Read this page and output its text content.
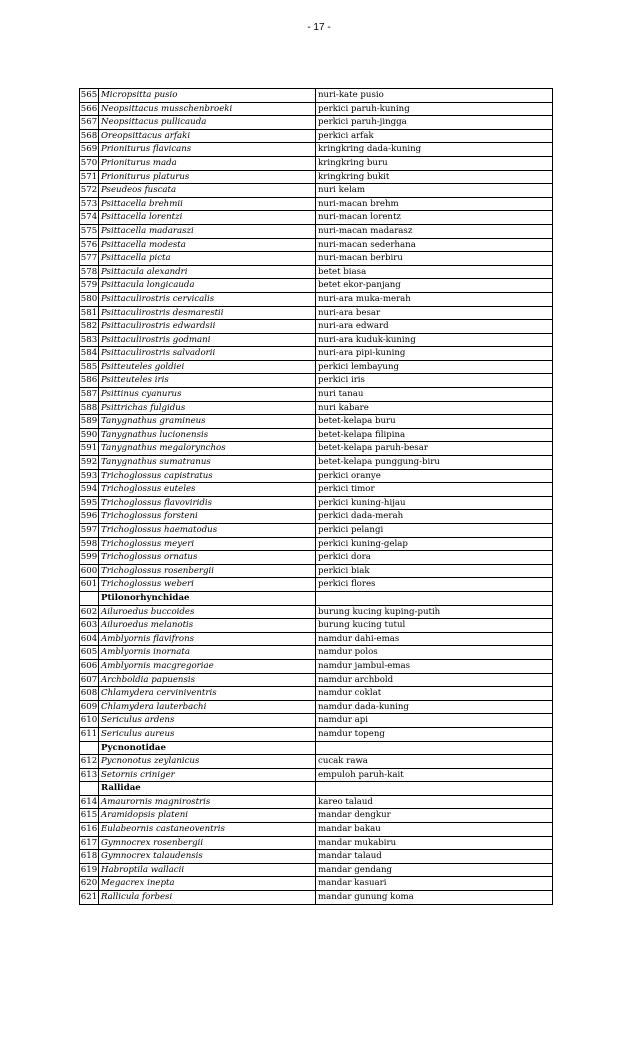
- 17 -
565	Micropsitta pusio	nuri-kate pusio
566	Neopsittacus musschenbroeki	perkici paruh-kuning
567	Neopsittacus pullicauda	perkici paruh-jingga
568	Oreopsittacus arfaki	perkici arfak
569	Prioniturus flavicans	kringkring dada-kuning
570	Prioniturus mada	kringkring buru
571	Prioniturus platurus	kringkring bukit
572	Pseudeos fuscata	nuri kelam
573	Psittacella brehmii	nuri-macan brehm
574	Psittacella lorentzi	nuri-macan lorentz
575	Psittacella madaraszi	nuri-macan madarasz
576	Psittacella modesta	nuri-macan sederhana
577	Psittacella picta	nuri-macan berbiru
578	Psittacula alexandri	betet biasa
579	Psittacula longicauda	betet ekor-panjang
580	Psittaculirostris cervicalis	nuri-ara muka-merah
581	Psittaculirostris desmarestii	nuri-ara besar
582	Psittaculirostris edwardsii	nuri-ara edward
583	Psittaculirostris godmani	nuri-ara kuduk-kuning
584	Psittaculirostris salvadorii	nuri-ara pipi-kuning
585	Psitteuteles goldiei	perkici lembayung
586	Psitteuteles iris	perkici iris
587	Psittinus cyanurus	nuri tanau
588	Psittrichas fulgidus	nuri kabare
589	Tanygnathus gramineus	betet-kelapa buru
590	Tanygnathus lucionensis	betet-kelapa filipina
591	Tanygnathus megalorynchos	betet-kelapa paruh-besar
592	Tanygnathus sumatranus	betet-kelapa punggung-biru
593	Trichoglossus capistratus	perkici oranye
594	Trichoglossus euteles	perkici timor
595	Trichoglossus flavoviridis	perkici kuning-hijau
596	Trichoglossus forsteni	perkici dada-merah
597	Trichoglossus haematodus	perkici pelangi
598	Trichoglossus meyeri	perkici kuning-gelap
599	Trichoglossus ornatus	perkici dora
600	Trichoglossus rosenbergii	perkici biak
601	Trichoglossus weberi	perkici flores
	Ptilonorhynchidae	
602	Ailuroedus buccoides	burung kucing kuping-putih
603	Ailuroedus melanotis	burung kucing tutul
604	Amblyornis flavifrons	namdur dahi-emas
605	Amblyornis inornata	namdur polos
606	Amblyornis macgregoriae	namdur jambul-emas
607	Archboldia papuensis	namdur archbold
608	Chlamydera cerviniventris	namdur coklat
609	Chlamydera lauterbachi	namdur dada-kuning
610	Sericulus ardens	namdur api
611	Sericulus aureus	namdur topeng
	Pycnonotidae	
612	Pycnonotus zeylanicus	cucak rawa
613	Setornis criniger	empuloh paruh-kait
	Rallidae	
614	Amaurornis magnirostris	kareo talaud
615	Aramidopsis plateni	mandar dengkur
616	Eulabeornis castaneoventris	mandar bakau
617	Gymnocrex rosenbergii	mandar mukabiru
618	Gymnocrex talaudensis	mandar talaud
619	Habroptila wallacii	mandar gendang
620	Megacrex inepta	mandar kasuari
621	Rallicula forbesi	mandar gunung koma
